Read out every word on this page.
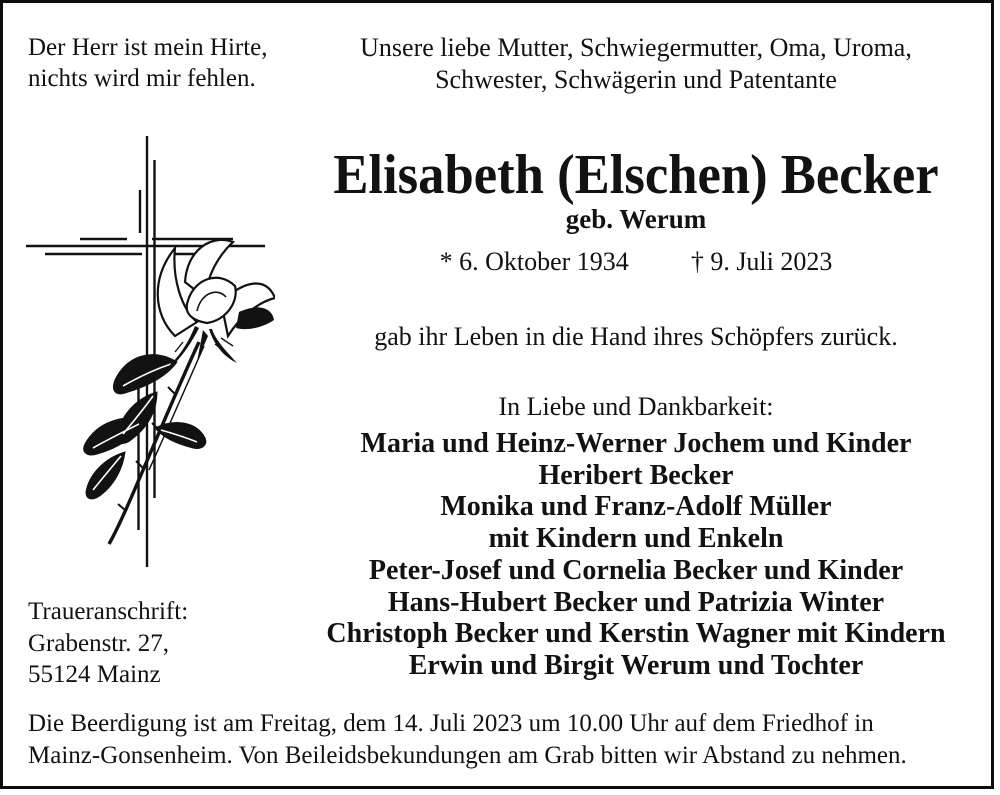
Der Herr ist mein Hirte,
nichts wird mir fehlen.
Unsere liebe Mutter, Schwiegermutter, Oma, Uroma,
Schwester, Schwägerin und Patentante
Elisabeth (Elschen) Becker
geb. Werum
* 6. Oktober 1934 † 9. Juli 2023
gab ihr Leben in die Hand ihres Schöpfers zurück.
In Liebe und Dankbarkeit:
Maria und Heinz-Werner Jochem und Kinder
Heribert Becker
Monika und Franz-Adolf Müller
mit Kindern und Enkeln
Peter-Josef und Cornelia Becker und Kinder
Hans-Hubert Becker und Patrizia Winter
Christoph Becker und Kerstin Wagner mit Kindern
Erwin und Birgit Werum und Tochter
Traueranschrift:
Grabenstr. 27,
55124 Mainz
Die Beerdigung ist am Freitag, dem 14. Juli 2023 um 10.00 Uhr auf dem Friedhof in
Mainz-Gonsenheim. Von Beileidsbekundungen am Grab bitten wir Abstand zu nehmen.
